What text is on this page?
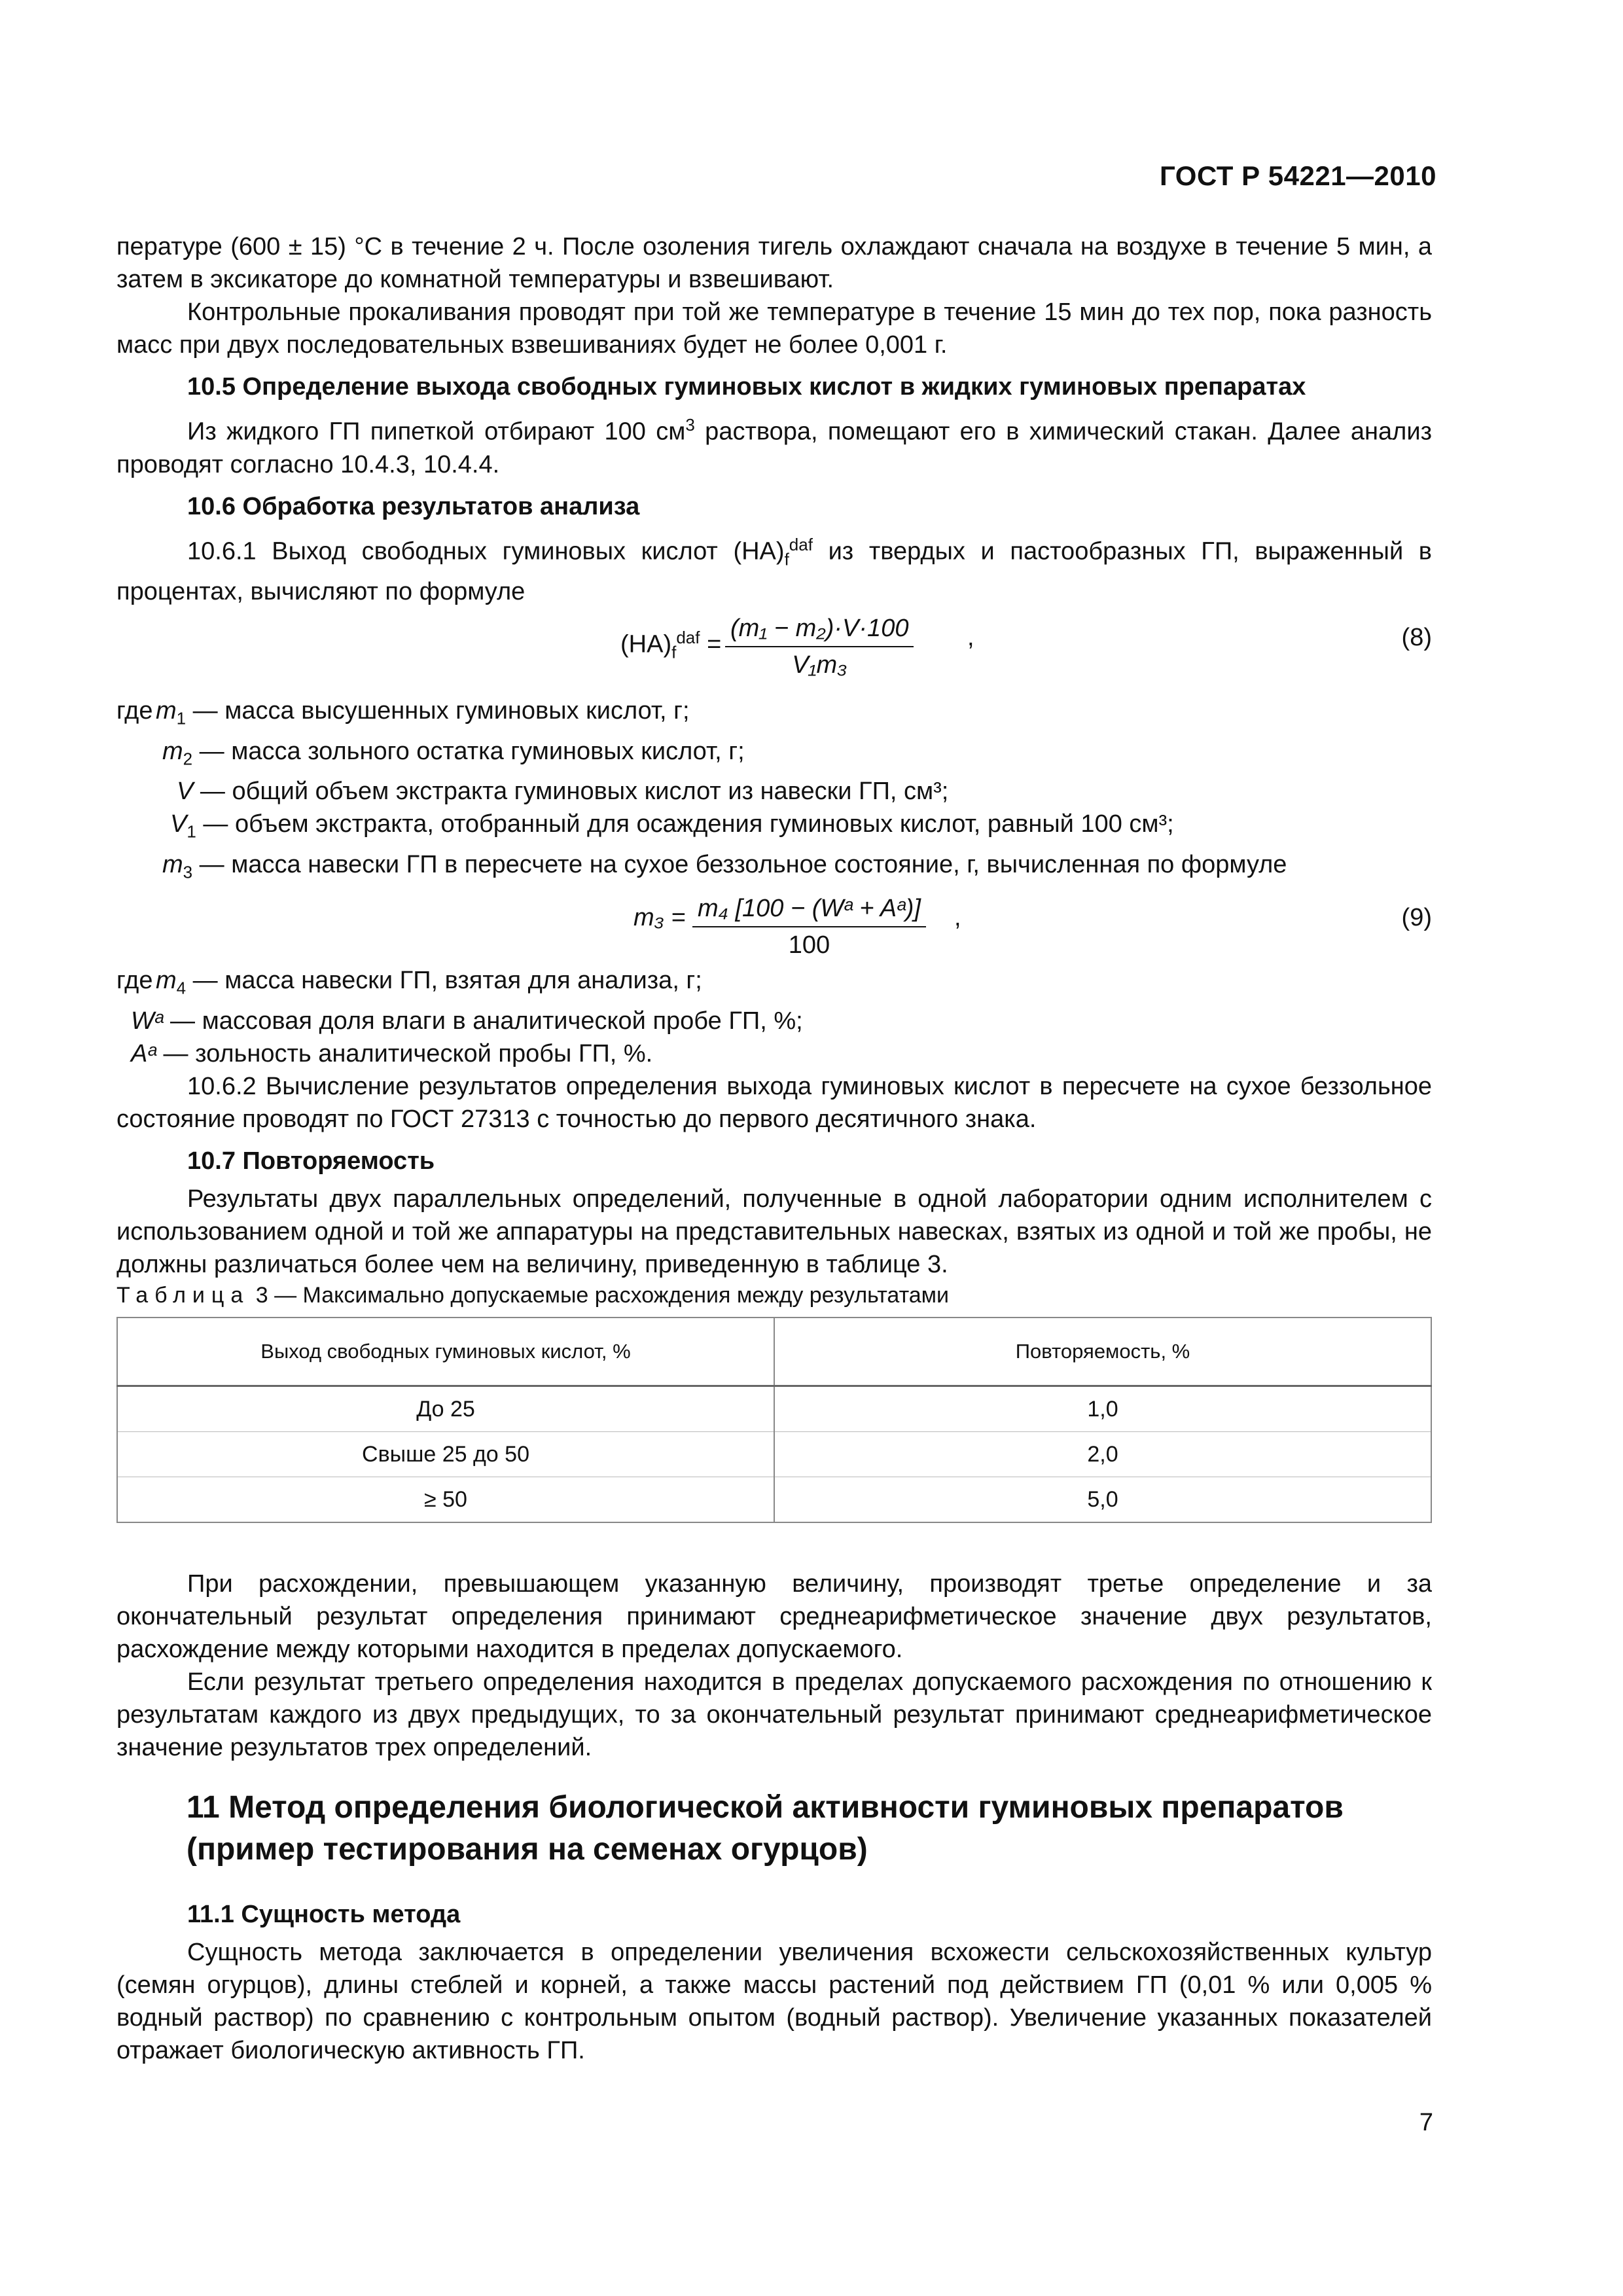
ГОСТ Р 54221—2010

пературе (600 ± 15) °C в течение 2 ч. После озоления тигель охлаждают сначала на воздухе в течение 5 мин, а затем в эксикаторе до комнатной температуры и взвешивают.

Контрольные прокаливания проводят при той же температуре в течение 15 мин до тех пор, пока разность масс при двух последовательных взвешиваниях будет не более 0,001 г.

10.5 Определение выхода свободных гуминовых кислот в жидких гуминовых препаратах

Из жидкого ГП пипеткой отбирают 100 $см^3$ раствора, помещают его в химический стакан. Далее анализ проводят согласно 10.4.3, 10.4.4.

10.6 Обработка результатов анализа

10.6.1 Выход свободных гуминовых кислот $(НА)_f^{daf}$ из твердых и пастообразных ГП, выраженный в процентах, вычисляют по формуле

$(НА)_f^{daf} = \frac{\text{(m₁ − m₂)·V·100}}{\text{V₁m₃}}$ ,	(8)

гдеm$_1$ — масса высушенных гуминовых кислот, г;

$m_2$ — масса зольного остатка гуминовых кислот, г;

V — общий объем экстракта гуминовых кислот из навески ГП, см³;

$V_1$ — объем экстракта, отобранный для осаждения гуминовых кислот, равный 100 см³;

$m_3$ — масса навески ГП в пересчете на сухое беззольное состояние, г, вычисленная по формуле

$m_3 = \frac{\text{m₄ [100 − (Wᵃ + Aᵃ)]}}{100}$ ,	(9)

гдеm$_4$ — масса навески ГП, взятая для анализа, г;

Wᵃ — массовая доля влаги в аналитической пробе ГП, %;

Aᵃ — зольность аналитической пробы ГП, %.

10.6.2 Вычисление результатов определения выхода гуминовых кислот в пересчете на сухое беззольное состояние проводят по ГОСТ 27313 с точностью до первого десятичного знака.

10.7 Повторяемость

Результаты двух параллельных определений, полученные в одной лаборатории одним исполнителем с использованием одной и той же аппаратуры на представительных навесках, взятых из одной и той же пробы, не должны различаться более чем на величину, приведенную в таблице 3.

Таблица 3 — Максимально допускаемые расхождения между результатами
Выход свободных гуминовых кислот, %	Повторяемость, %
До 25	1,0
Свыше 25 до 50	2,0
≥ 50	5,0

При расхождении, превышающем указанную величину, производят третье определение и за окончательный результат определения принимают среднеарифметическое значение двух результатов, расхождение между которыми находится в пределах допускаемого.

Если результат третьего определения находится в пределах допускаемого расхождения по отношению к результатам каждого из двух предыдущих, то за окончательный результат принимают среднеарифметическое значение результатов трех определений.

11 Метод определения биологической активности гуминовых препаратов (пример тестирования на семенах огурцов)
11.1 Сущность метода

Сущность метода заключается в определении увеличения всхожести сельскохозяйственных культур (семян огурцов), длины стеблей и корней, а также массы растений под действием ГП (0,01 % или 0,005 % водный раствор) по сравнению с контрольным опытом (водный раствор). Увеличение указанных показателей отражает биологическую активность ГП.

7
